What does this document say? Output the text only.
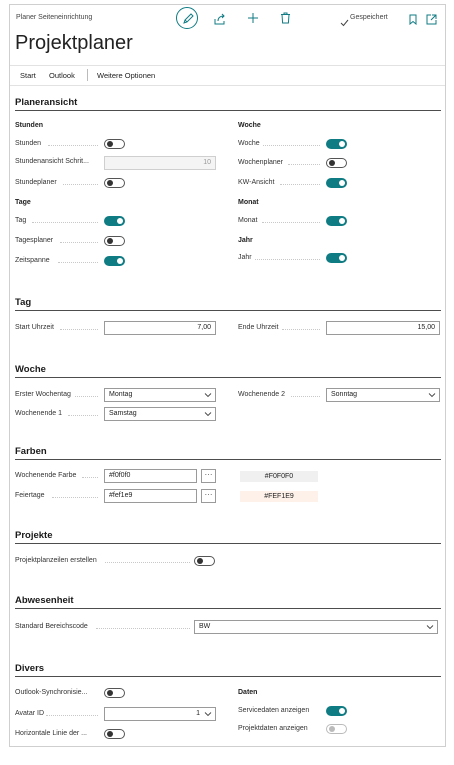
Planer Seiteneinrichtung	Gespeichert
Projektplaner
Start Outlook	Weitere Optionen
Planeransicht
Stunden
Stunden
Stundenansicht Schrit...	10
Stundeplaner
Tage
Tag
Tagesplaner
Zeitspanne
Woche
Woche
Wochenplaner
KW-Ansicht
Monat
Monat
Jahr
Jahr
Tag
Start Uhrzeit	7,00	Ende Uhrzeit	15,00
Woche
Erster Wochentag	Montag
Wochenende 1	Samstag
Wochenende 2	Sonntag
Farben
Wochenende Farbe	#f0f0f0	···	#F0F0F0
Feiertage	#fef1e9	···	#FEF1E9
Projekte
Projektplanzeilen erstellen
Abwesenheit
Standard Bereichscode	BW
Divers
Outlook-Synchronisie...
Avatar ID	1
Horizontale Linie der ...
Daten
Servicedaten anzeigen
Projektdaten anzeigen
